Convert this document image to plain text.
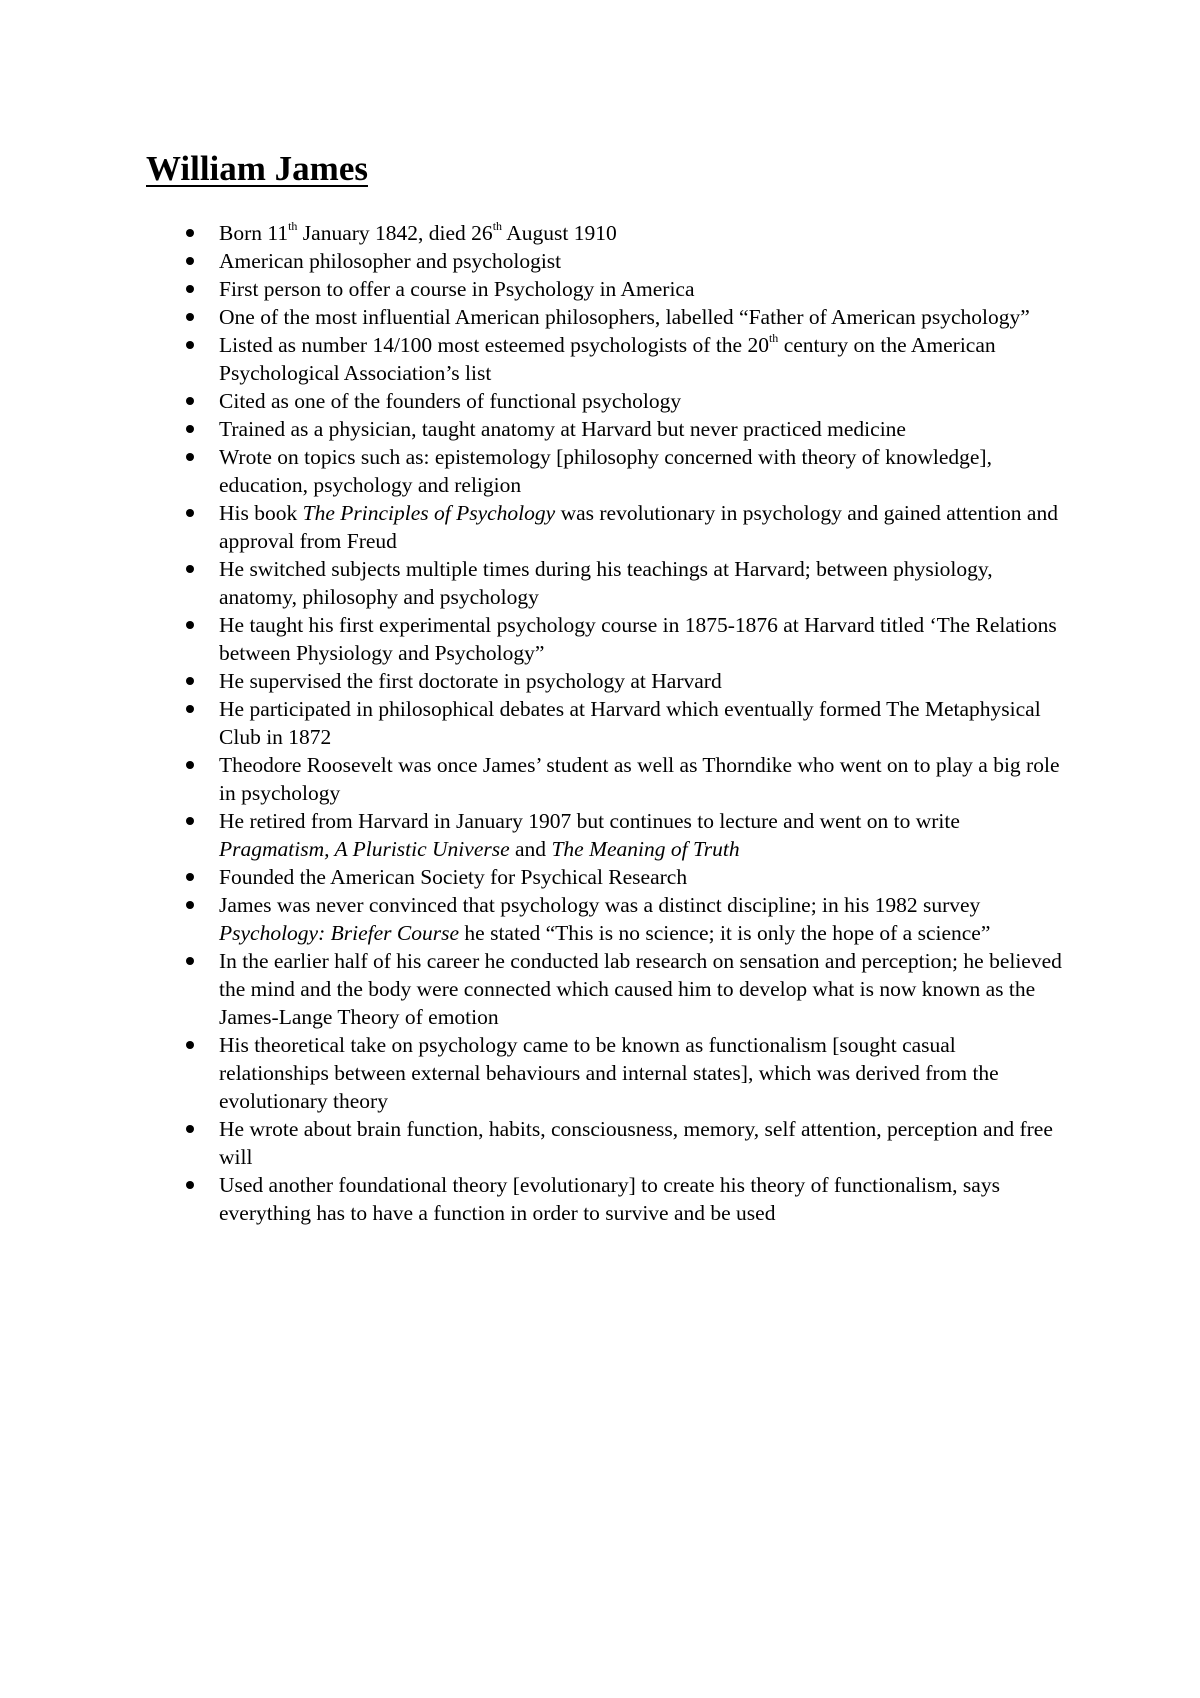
William James
Born 11th January 1842, died 26th August 1910
American philosopher and psychologist
First person to offer a course in Psychology in America
One of the most influential American philosophers, labelled “Father of American psychology”
Listed as number 14/100 most esteemed psychologists of the 20th century on the American Psychological Association’s list
Cited as one of the founders of functional psychology
Trained as a physician, taught anatomy at Harvard but never practiced medicine
Wrote on topics such as: epistemology [philosophy concerned with theory of knowledge], education, psychology and religion
His book The Principles of Psychology was revolutionary in psychology and gained attention and approval from Freud
He switched subjects multiple times during his teachings at Harvard; between physiology, anatomy, philosophy and psychology
He taught his first experimental psychology course in 1875-1876 at Harvard titled ‘The Relations between Physiology and Psychology”
He supervised the first doctorate in psychology at Harvard
He participated in philosophical debates at Harvard which eventually formed The Metaphysical Club in 1872
Theodore Roosevelt was once James’ student as well as Thorndike who went on to play a big role in psychology
He retired from Harvard in January 1907 but continues to lecture and went on to write Pragmatism, A Pluristic Universe and The Meaning of Truth
Founded the American Society for Psychical Research
James was never convinced that psychology was a distinct discipline; in his 1982 survey Psychology: Briefer Course he stated “This is no science; it is only the hope of a science”
In the earlier half of his career he conducted lab research on sensation and perception; he believed the mind and the body were connected which caused him to develop what is now known as the James-Lange Theory of emotion
His theoretical take on psychology came to be known as functionalism [sought casual relationships between external behaviours and internal states], which was derived from the evolutionary theory
He wrote about brain function, habits, consciousness, memory, self attention, perception and free will
Used another foundational theory [evolutionary] to create his theory of functionalism, says everything has to have a function in order to survive and be used
